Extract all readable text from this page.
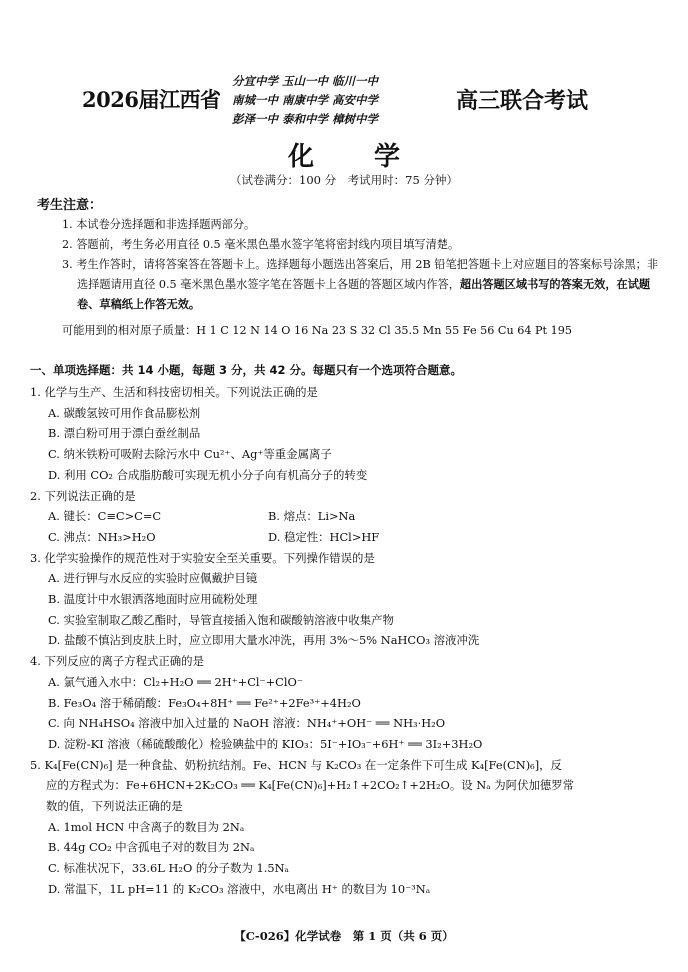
2026届江西省
分宜中学 玉山一中 临川一中
南城一中 南康中学 高安中学
彭泽一中 泰和中学 樟树中学
高三联合考试
化 学
（试卷满分：100 分　考试用时：75 分钟）
考生注意：
1. 本试卷分选择题和非选择题两部分。
2. 答题前，考生务必用直径 0.5 毫米黑色墨水签字笔将密封线内项目填写清楚。
3. 考生作答时，请将答案答在答题卡上。选择题每小题选出答案后，用 2B 铅笔把答题卡上对应题目的答案标号涂黑；非选择题请用直径 0.5 毫米黑色墨水签字笔在答题卡上各题的答题区域内作答，超出答题区域书写的答案无效，在试题卷、草稿纸上作答无效。
可能用到的相对原子质量：H 1 C 12 N 14 O 16 Na 23 S 32 Cl 35.5 Mn 55 Fe 56 Cu 64 Pt 195
一、单项选择题：共 14 小题，每题 3 分，共 42 分。每题只有一个选项符合题意。
1. 化学与生产、生活和科技密切相关。下列说法正确的是
A. 碳酸氢铵可用作食品膨松剂
B. 漂白粉可用于漂白蚕丝制品
C. 纳米铁粉可吸附去除污水中 Cu²⁺、Ag⁺等重金属离子
D. 利用 CO₂ 合成脂肪酸可实现无机小分子向有机高分子的转变
2. 下列说法正确的是
A. 键长：C≡C>C=C	B. 熔点：Li>Na
C. 沸点：NH₃>H₂O	D. 稳定性：HCl>HF
3. 化学实验操作的规范性对于实验安全至关重要。下列操作错误的是
A. 进行钾与水反应的实验时应佩戴护目镜
B. 温度计中水银洒落地面时应用硫粉处理
C. 实验室制取乙酸乙酯时，导管直接插入饱和碳酸钠溶液中收集产物
D. 盐酸不慎沾到皮肤上时，应立即用大量水冲洗，再用 3%～5% NaHCO₃ 溶液冲洗
4. 下列反应的离子方程式正确的是
A. 氯气通入水中：Cl₂+H₂O ══ 2H⁺+Cl⁻+ClO⁻
B. Fe₃O₄ 溶于稀硝酸：Fe₃O₄+8H⁺ ══ Fe²⁺+2Fe³⁺+4H₂O
C. 向 NH₄HSO₄ 溶液中加入过量的 NaOH 溶液：NH₄⁺+OH⁻ ══ NH₃·H₂O
D. 淀粉-KI 溶液（稀硫酸酸化）检验碘盐中的 KIO₃：5I⁻+IO₃⁻+6H⁺ ══ 3I₂+3H₂O
5. K₄[Fe(CN)₆] 是一种食盐、奶粉抗结剂。Fe、HCN 与 K₂CO₃ 在一定条件下可生成 K₄[Fe(CN)₆]，反
应的方程式为：Fe+6HCN+2K₂CO₃ ══ K₄[Fe(CN)₆]+H₂↑+2CO₂↑+2H₂O。设 Nₐ 为阿伏加德罗常
数的值，下列说法正确的是
A. 1mol HCN 中含离子的数目为 2Nₐ
B. 44g CO₂ 中含孤电子对的数目为 2Nₐ
C. 标准状况下，33.6L H₂O 的分子数为 1.5Nₐ
D. 常温下，1L pH=11 的 K₂CO₃ 溶液中，水电离出 H⁺ 的数目为 10⁻³Nₐ
【C-026】化学试卷　第 1 页（共 6 页）
